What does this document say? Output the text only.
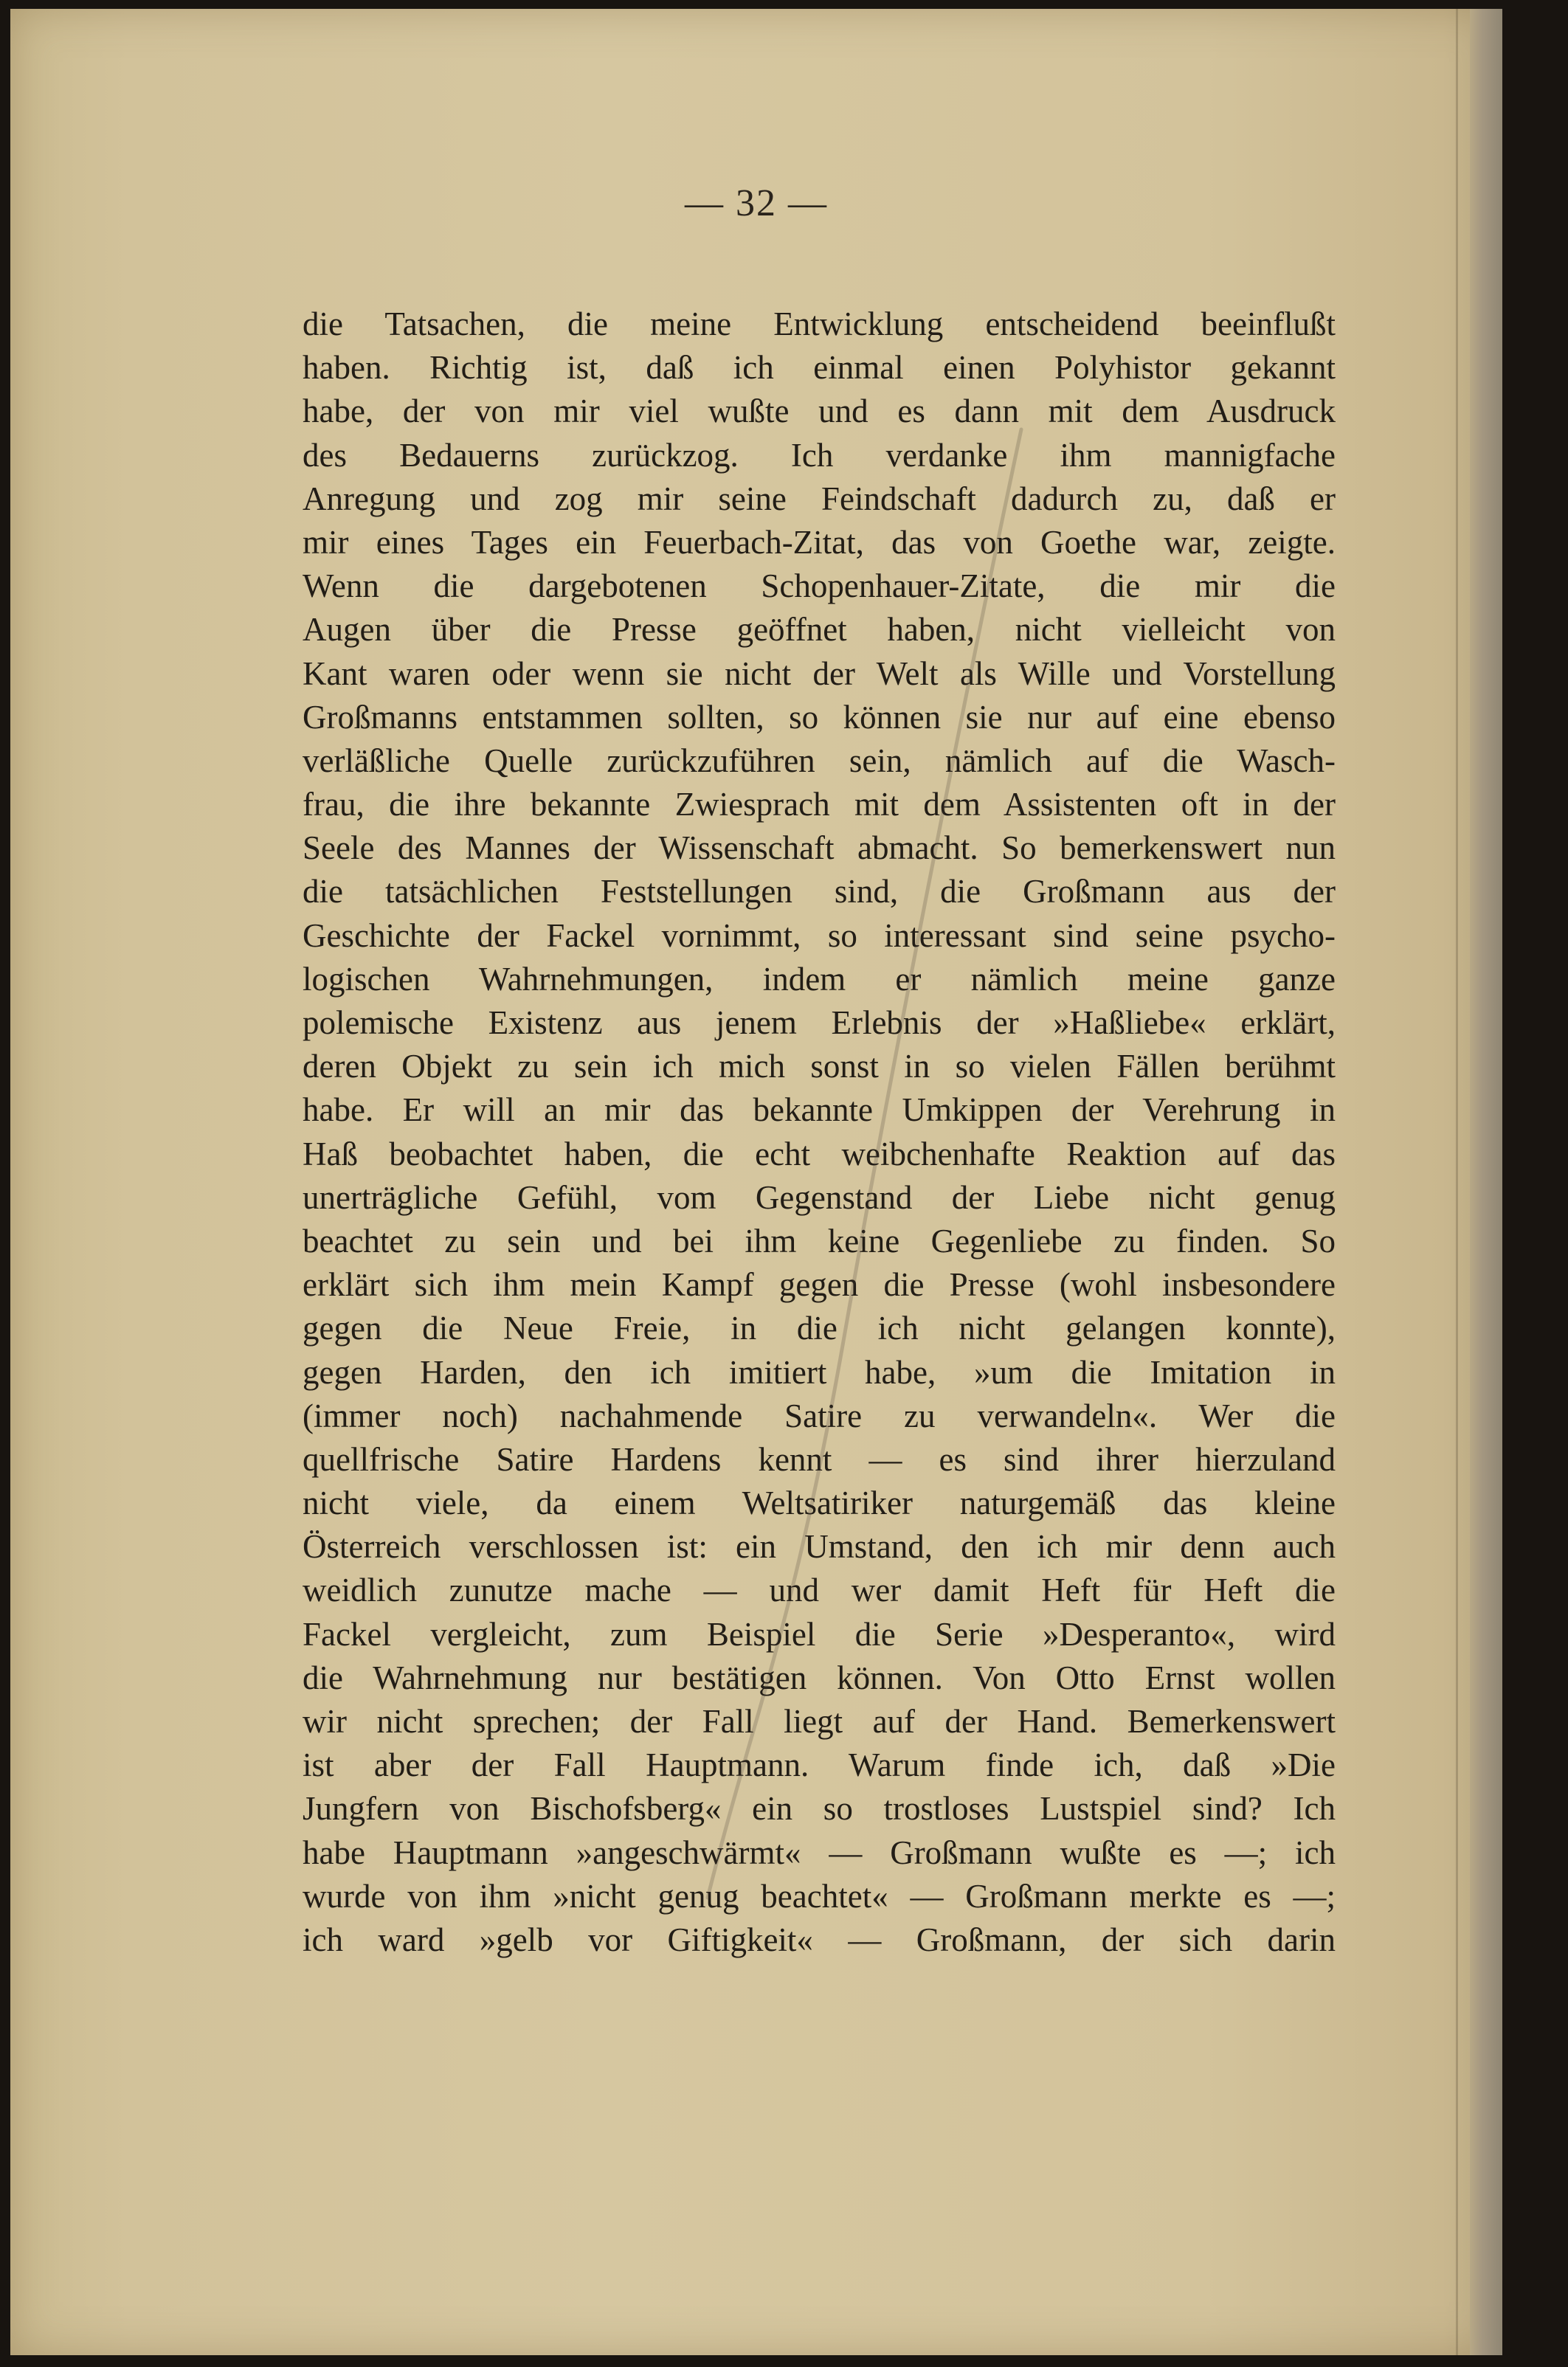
— 32 —
die Tatsachen, die meine Entwicklung entscheidend beeinflußt
haben. Richtig ist, daß ich einmal einen Polyhistor gekannt
habe, der von mir viel wußte und es dann mit dem Ausdruck
des Bedauerns zurückzog. Ich verdanke ihm mannigfache
Anregung und zog mir seine Feindschaft dadurch zu, daß er
mir eines Tages ein Feuerbach-Zitat, das von Goethe war, zeigte.
Wenn die dargebotenen Schopenhauer-Zitate, die mir die
Augen über die Presse geöffnet haben, nicht vielleicht von
Kant waren oder wenn sie nicht der Welt als Wille und Vorstellung
Großmanns entstammen sollten, so können sie nur auf eine ebenso
verläßliche Quelle zurückzuführen sein, nämlich auf die Wasch-
frau, die ihre bekannte Zwiesprach mit dem Assistenten oft in der
Seele des Mannes der Wissenschaft abmacht. So bemerkenswert nun
die tatsächlichen Feststellungen sind, die Großmann aus der
Geschichte der Fackel vornimmt, so interessant sind seine psycho-
logischen Wahrnehmungen, indem er nämlich meine ganze
polemische Existenz aus jenem Erlebnis der »Haßliebe« erklärt,
deren Objekt zu sein ich mich sonst in so vielen Fällen berühmt
habe. Er will an mir das bekannte Umkippen der Verehrung in
Haß beobachtet haben, die echt weibchenhafte Reaktion auf das
unerträgliche Gefühl, vom Gegenstand der Liebe nicht genug
beachtet zu sein und bei ihm keine Gegenliebe zu finden. So
erklärt sich ihm mein Kampf gegen die Presse (wohl insbesondere
gegen die Neue Freie, in die ich nicht gelangen konnte),
gegen Harden, den ich imitiert habe, »um die Imitation in
(immer noch) nachahmende Satire zu verwandeln«. Wer die
quellfrische Satire Hardens kennt — es sind ihrer hierzuland
nicht viele, da einem Weltsatiriker naturgemäß das kleine
Österreich verschlossen ist: ein Umstand, den ich mir denn auch
weidlich zunutze mache — und wer damit Heft für Heft die
Fackel vergleicht, zum Beispiel die Serie »Desperanto«, wird
die Wahrnehmung nur bestätigen können. Von Otto Ernst wollen
wir nicht sprechen; der Fall liegt auf der Hand. Bemerkenswert
ist aber der Fall Hauptmann. Warum finde ich, daß »Die
Jungfern von Bischofsberg« ein so trostloses Lustspiel sind? Ich
habe Hauptmann »angeschwärmt« — Großmann wußte es —; ich
wurde von ihm »nicht genug beachtet« — Großmann merkte es —;
ich ward »gelb vor Giftigkeit« — Großmann, der sich darin
